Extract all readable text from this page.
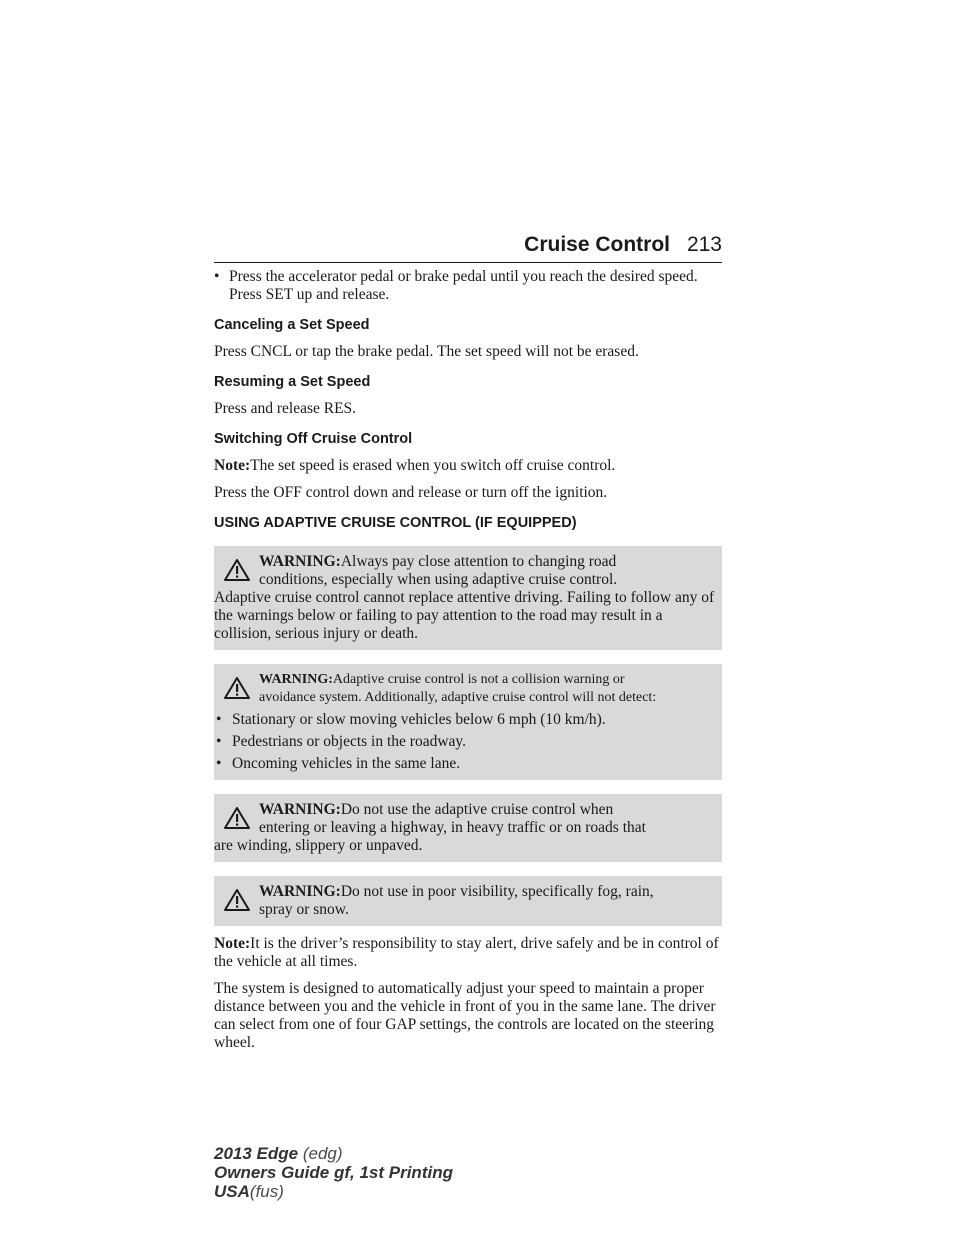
Cruise Control 213
• Press the accelerator pedal or brake pedal until you reach the desired speed. Press SET up and release.
Canceling a Set Speed

Press CNCL or tap the brake pedal. The set speed will not be erased.

Resuming a Set Speed

Press and release RES.

Switching Off Cruise Control

Note:The set speed is erased when you switch off cruise control.

Press the OFF control down and release or turn off the ignition.

USING ADAPTIVE CRUISE CONTROL (IF EQUIPPED)
WARNING:Always pay close attention to changing road
conditions, especially when using adaptive cruise control.
Adaptive cruise control cannot replace attentive driving. Failing to follow any of the warnings below or failing to pay attention to the road may result in a collision, serious injury or death.
WARNING:Adaptive cruise control is not a collision warning or
avoidance system. Additionally, adaptive cruise control will not detect:
• Stationary or slow moving vehicles below 6 mph (10 km/h).
• Pedestrians or objects in the roadway.
• Oncoming vehicles in the same lane.
WARNING:Do not use the adaptive cruise control when
entering or leaving a highway, in heavy traffic or on roads that
are winding, slippery or unpaved.
WARNING:Do not use in poor visibility, specifically fog, rain,
spray or snow.

Note:It is the driver’s responsibility to stay alert, drive safely and be in control of the vehicle at all times.

The system is designed to automatically adjust your speed to maintain a proper distance between you and the vehicle in front of you in the same lane. The driver can select from one of four GAP settings, the controls are located on the steering wheel.

2013 Edge (edg)
Owners Guide gf, 1st Printing
USA(fus)
